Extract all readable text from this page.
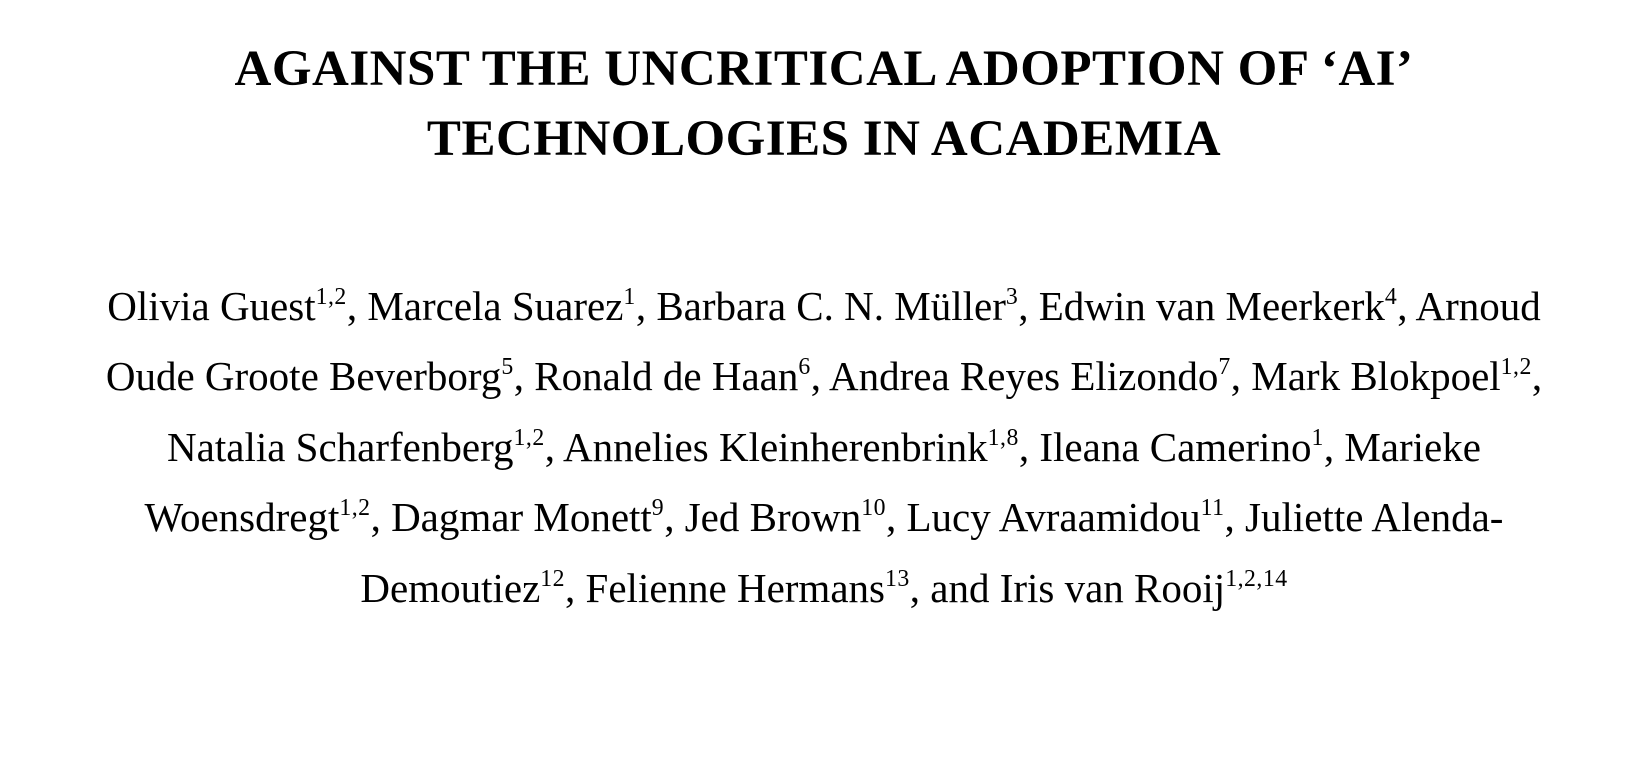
AGAINST THE UNCRITICAL ADOPTION OF ‘AI’
TECHNOLOGIES IN ACADEMIA

Olivia Guest$^{1,2}$, Marcela Suarez$^1$, Barbara C. N. Müller$^3$, Edwin van Meerkerk$^4$, Arnoud Oude Groote Beverborg$^5$, Ronald de Haan$^6$, Andrea Reyes Elizondo$^7$, Mark Blokpoel$^{1,2}$, Natalia Scharfenberg$^{1,2}$, Annelies Kleinherenbrink$^{1,8}$, Ileana Camerino$^1$, Marieke Woensdregt$^{1,2}$, Dagmar Monett$^9$, Jed Brown$^{10}$, Lucy Avraamidou$^{11}$, Juliette Alenda-Demoutiez$^{12}$, Felienne Hermans$^{13}$, and Iris van Rooij$^{1,2,14}$
